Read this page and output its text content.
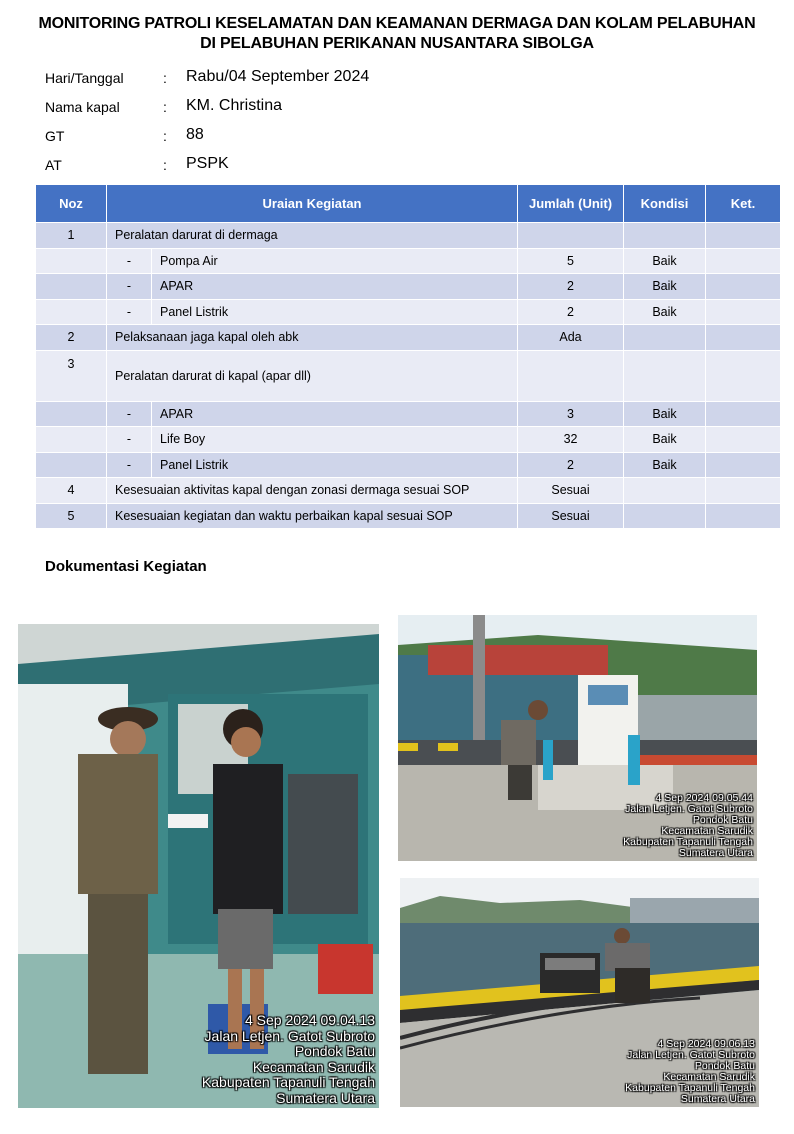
MONITORING PATROLI KESELAMATAN DAN KEAMANAN DERMAGA DAN KOLAM PELABUHAN
DI PELABUHAN PERIKANAN NUSANTARA SIBOLGA
Hari/Tanggal	: Rabu/04 September 2024
Nama kapal	: KM. Christina
GT	: 88
AT	: PSPK
Noz	Uraian Kegiatan		Jumlah (Unit)	Kondisi	Ket.
1	Peralatan darurat di dermaga				
	-	Pompa Air	5	Baik	
	-	APAR	2	Baik	
	-	Panel Listrik	2	Baik	
2	Pelaksanaan jaga kapal oleh abk		Ada		
3	Peralatan darurat di kapal (apar dll)				
	-	APAR	3	Baik	
	-	Life Boy	32	Baik	
	-	Panel Listrik	2	Baik	
4	Kesesuaian aktivitas kapal dengan zonasi dermaga sesuai SOP		Sesuai		
5	Kesesuaian kegiatan dan waktu perbaikan kapal sesuai SOP		Sesuai		
Dokumentasi Kegiatan
4 Sep 2024 09.04.13
Jalan Letjen. Gatot Subroto
Pondok Batu
Kecamatan Sarudik
Kabupaten Tapanuli Tengah
Sumatera Utara
4 Sep 2024 09.05.44
Jalan Letjen. Gatot Subroto
Pondok Batu
Kecamatan Sarudik
Kabupaten Tapanuli Tengah
Sumatera Utara
4 Sep 2024 09.06.13
Jalan Letjen. Gatot Subroto
Pondok Batu
Kecamatan Sarudik
Kabupaten Tapanuli Tengah
Sumatera Utara
